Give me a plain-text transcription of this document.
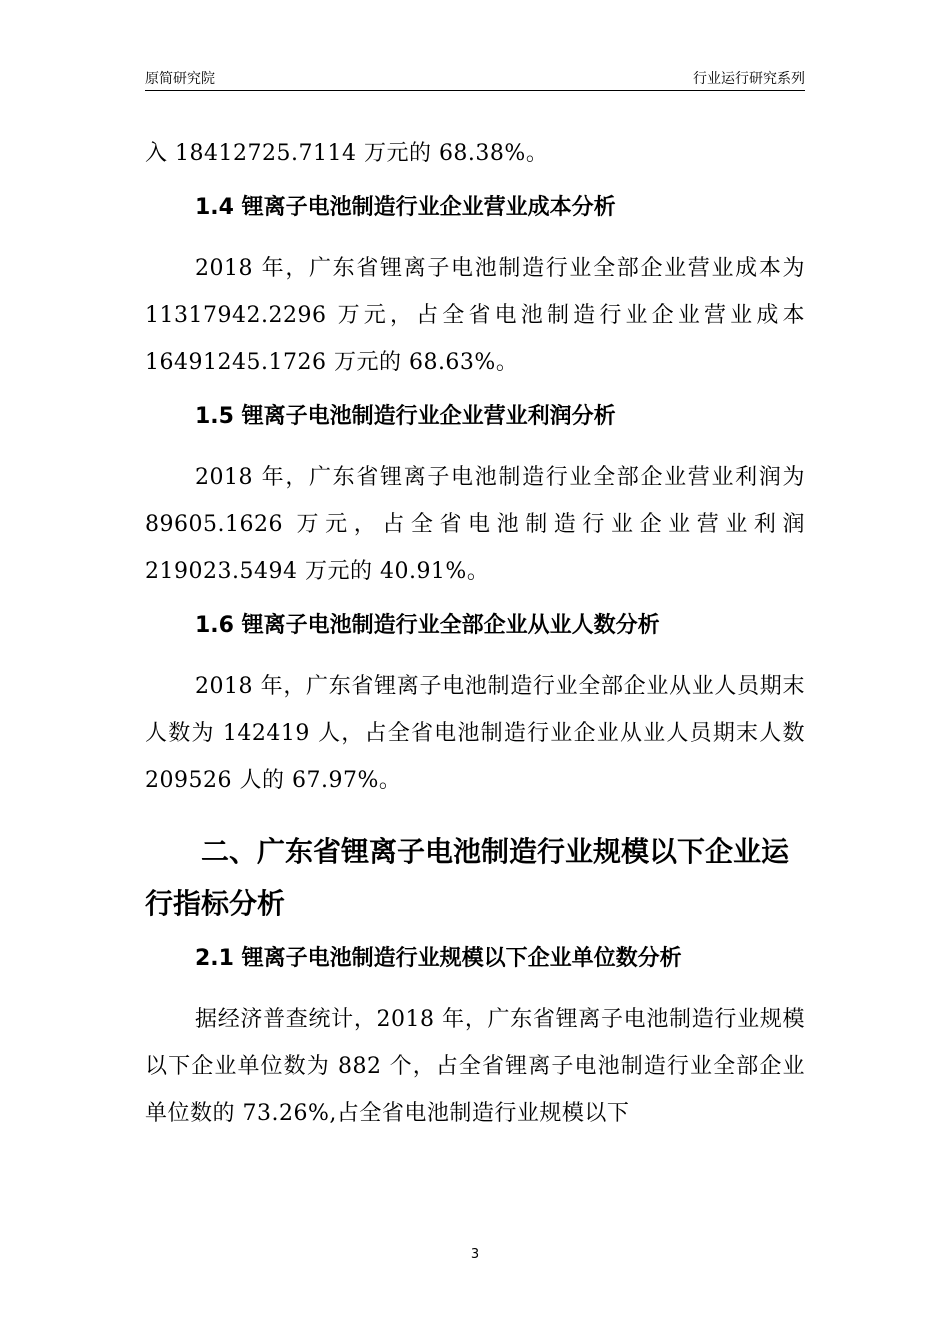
原简研究院	行业运行研究系列

入 18412725.7114 万元的 68.38%。

1.4 锂离子电池制造行业企业营业成本分析

2018 年，广东省锂离子电池制造行业全部企业营业成本为 11317942.2296 万元，占全省电池制造行业企业营业成本 16491245.1726 万元的 68.63%。

1.5 锂离子电池制造行业企业营业利润分析

2018 年，广东省锂离子电池制造行业全部企业营业利润为 89605.1626 万元，占全省电池制造行业企业营业利润 219023.5494 万元的 40.91%。

1.6 锂离子电池制造行业全部企业从业人数分析

2018 年，广东省锂离子电池制造行业全部企业从业人员期末人数为 142419 人，占全省电池制造行业企业从业人员期末人数 209526 人的 67.97%。

二、广东省锂离子电池制造行业规模以下企业运行指标分析
2.1 锂离子电池制造行业规模以下企业单位数分析

据经济普查统计，2018 年，广东省锂离子电池制造行业规模以下企业单位数为 882 个，占全省锂离子电池制造行业全部企业单位数的 73.26%,占全省电池制造行业规模以下

3
